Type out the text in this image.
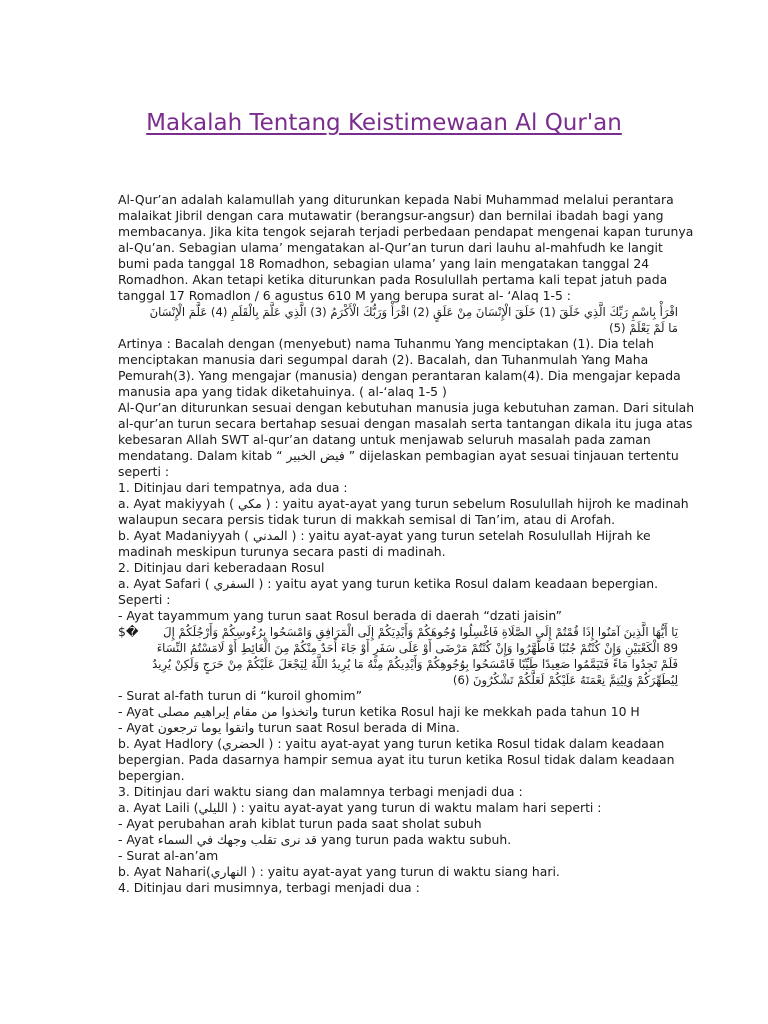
Makalah Tentang Keistimewaan Al Qur'an
Al-Qur’an adalah kalamullah yang diturunkan kepada Nabi Muhammad melalui perantara
malaikat Jibril dengan cara mutawatir (berangsur-angsur) dan bernilai ibadah bagi yang
membacanya. Jika kita tengok sejarah terjadi perbedaan pendapat mengenai kapan turunya
al-Qu’an. Sebagian ulama’ mengatakan al-Qur’an turun dari lauhu al-mahfudh ke langit
bumi pada tanggal 18 Romadhon, sebagian ulama’ yang lain mengatakan tanggal 24
Romadhon. Akan tetapi ketika diturunkan pada Rosulullah pertama kali tepat jatuh pada
tanggal 17 Romadlon / 6 agustus 610 M yang berupa surat al- ‘Alaq 1-5 :
اقْرَأْ بِاسْمِ رَبِّكَ الَّذِي خَلَقَ (1) خَلَقَ الْإِنْسَانَ مِنْ عَلَقٍ (2) اقْرَأْ وَرَبُّكَ الْأَكْرَمُ (3) الَّذِي عَلَّمَ بِالْقَلَمِ (4) عَلَّمَ الْإِنْسَانَ
مَا لَمْ يَعْلَمْ (5)
Artinya : Bacalah dengan (menyebut) nama Tuhanmu Yang menciptakan (1). Dia telah
menciptakan manusia dari segumpal darah (2). Bacalah, dan Tuhanmulah Yang Maha
Pemurah(3). Yang mengajar (manusia) dengan perantaran kalam(4). Dia mengajar kepada
manusia apa yang tidak diketahuinya. ( al-‘alaq 1-5 )
Al-Qur’an diturunkan sesuai dengan kebutuhan manusia juga kebutuhan zaman. Dari situlah
al-qur’an turun secara bertahap sesuai dengan masalah serta tantangan dikala itu juga atas
kebesaran Allah SWT al-qur’an datang untuk menjawab seluruh masalah pada zaman
mendatang. Dalam kitab “ فيض الخبير ” dijelaskan pembagian ayat sesuai tinjauan tertentu
seperti :
1. Ditinjau dari tempatnya, ada dua :
a. Ayat makiyyah ( مكي ) : yaitu ayat-ayat yang turun sebelum Rosulullah hijroh ke madinah
walaupun secara persis tidak turun di makkah semisal di Tan’im, atau di Arofah.
b. Ayat Madaniyyah ( المدني ) : yaitu ayat-ayat yang turun setelah Rosulullah Hijrah ke
madinah meskipun turunya secara pasti di madinah.
2. Ditinjau dari keberadaan Rosul
a. Ayat Safari ( السفري ) : yaitu ayat yang turun ketika Rosul dalam keadaan bepergian.
Seperti :
- Ayat tayammum yang turun saat Rosul berada di daerah “dzati jaisin”
$� يَا أَيُّهَا الَّذِينَ آمَنُوا إِذَا قُمْتُمْ إِلَى الصَّلَاةِ فَاغْسِلُوا وُجُوهَكُمْ وَأَيْدِيَكُمْ إِلَى الْمَرَافِقِ وَامْسَحُوا بِرُءُوسِكُمْ وَأَرْجُلَكُمْ إِلَ
89 الْكَعْبَيْنِ وَإِنْ كُنْتُمْ جُنُبًا فَاطَّهَّرُوا وَإِنْ كُنْتُمْ مَرْضَى أَوْ عَلَى سَفَرٍ أَوْ جَاءَ أَحَدٌ مِنْكُمْ مِنَ الْغَائِطِ أَوْ لَامَسْتُمُ النِّسَاءَ
فَلَمْ تَجِدُوا مَاءً فَتَيَمَّمُوا صَعِيدًا طَيِّبًا فَامْسَحُوا بِوُجُوهِكُمْ وَأَيْدِيكُمْ مِنْهُ مَا يُرِيدُ اللَّهُ لِيَجْعَلَ عَلَيْكُمْ مِنْ حَرَجٍ وَلَكِنْ يُرِيدُ
لِيُطَهِّرَكُمْ وَلِيُتِمَّ نِعْمَتَهُ عَلَيْكُمْ لَعَلَّكُمْ تَشْكُرُونَ (6)
- Surat al-fath turun di “kuroil ghomim”
- Ayat واتخذوا من مقام إبراهيم مصلى turun ketika Rosul haji ke mekkah pada tahun 10 H
- Ayat واتقوا يوما ترجعون turun saat Rosul berada di Mina.
b. Ayat Hadlory (الحضري ) : yaitu ayat-ayat yang turun ketika Rosul tidak dalam keadaan
bepergian. Pada dasarnya hampir semua ayat itu turun ketika Rosul tidak dalam keadaan
bepergian.
3. Ditinjau dari waktu siang dan malamnya terbagi menjadi dua :
a. Ayat Laili (الليلي ) : yaitu ayat-ayat yang turun di waktu malam hari seperti :
- Ayat perubahan arah kiblat turun pada saat sholat subuh
- Ayat قد نرى تقلب وجهك في السماء yang turun pada waktu subuh.
- Surat al-an’am
b. Ayat Nahari(النهاري ) : yaitu ayat-ayat yang turun di waktu siang hari.
4. Ditinjau dari musimnya, terbagi menjadi dua :
